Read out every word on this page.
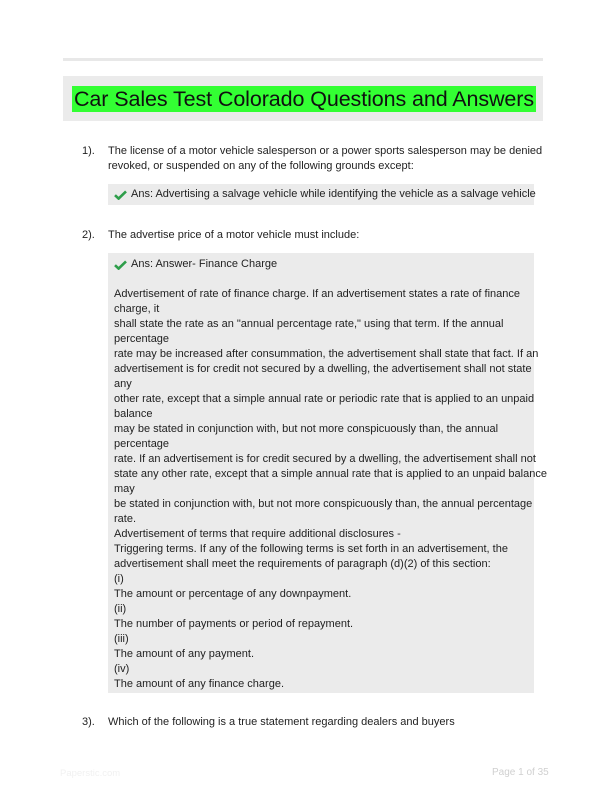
Car Sales Test Colorado Questions and Answers
1). The license of a motor vehicle salesperson or a power sports salesperson may be denied
revoked, or suspended on any of the following grounds except:
Ans: Advertising a salvage vehicle while identifying the vehicle as a salvage vehicle
2). The advertise price of a motor vehicle must include:
Ans: Answer- Finance Charge
Advertisement of rate of finance charge. If an advertisement states a rate of finance
charge, it
shall state the rate as an "annual percentage rate," using that term. If the annual
percentage
rate may be increased after consummation, the advertisement shall state that fact. If an
advertisement is for credit not secured by a dwelling, the advertisement shall not state
any
other rate, except that a simple annual rate or periodic rate that is applied to an unpaid
balance
may be stated in conjunction with, but not more conspicuously than, the annual
percentage
rate. If an advertisement is for credit secured by a dwelling, the advertisement shall not
state any other rate, except that a simple annual rate that is applied to an unpaid balance
may
be stated in conjunction with, but not more conspicuously than, the annual percentage
rate.
Advertisement of terms that require additional disclosures -
Triggering terms. If any of the following terms is set forth in an advertisement, the
advertisement shall meet the requirements of paragraph (d)(2) of this section:
(i)
The amount or percentage of any downpayment.
(ii)
The number of payments or period of repayment.
(iii)
The amount of any payment.
(iv)
The amount of any finance charge.
3). Which of the following is a true statement regarding dealers and buyers
Paperstic.com	Page 1 of 35
